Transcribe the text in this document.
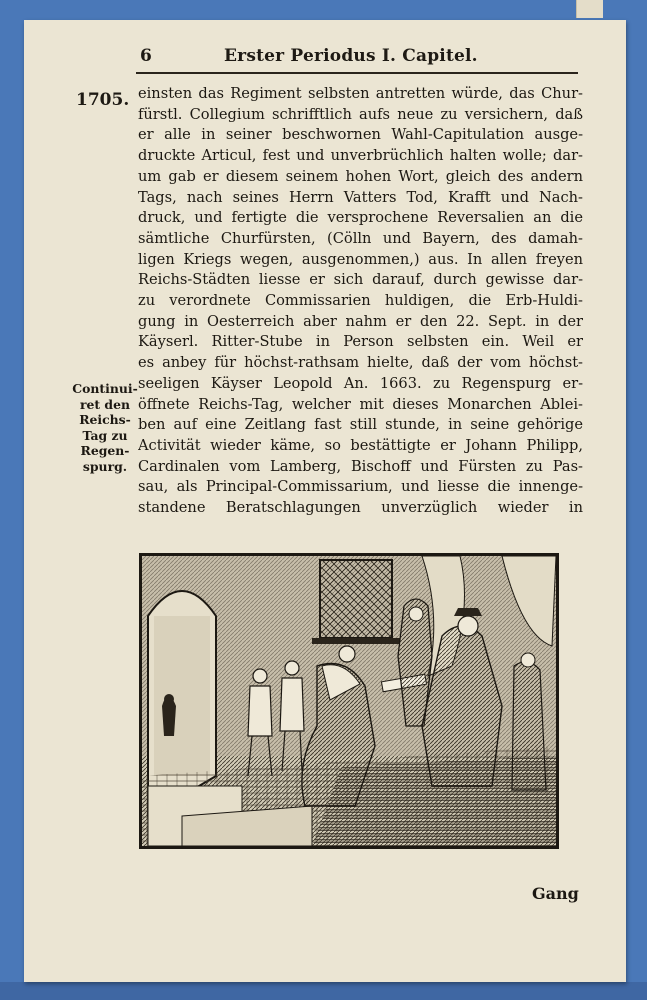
6	Erster Periodus I. Capitel.
1705.
Continui-
ret den
Reichs-
Tag zu
Regen-
spurg.
einsten das Regiment selbsten antretten würde, das Chur-
fürstl. Collegium schrifftlich aufs neue zu versichern, daß
er alle in seiner beschwornen Wahl-Capitulation ausge-
druckte Articul, fest und unverbrüchlich halten wolle; dar-
um gab er diesem seinem hohen Wort, gleich des andern
Tags, nach seines Herrn Vatters Tod, Krafft und Nach-
druck, und fertigte die versprochene Reversalien an die
sämtliche Churfürsten, (Cölln und Bayern, des damah-
ligen Kriegs wegen, ausgenommen,) aus. In allen freyen
Reichs-Städten liesse er sich darauf, durch gewisse dar-
zu verordnete Commissarien huldigen, die Erb-Huldi-
gung in Oesterreich aber nahm er den 22. Sept. in der
Käyserl. Ritter-Stube in Person selbsten ein. Weil er
es anbey für höchst-rathsam hielte, daß der vom höchst-
seeligen Käyser Leopold An. 1663. zu Regenspurg er-
öffnete Reichs-Tag, welcher mit dieses Monarchen Ablei-
ben auf eine Zeitlang fast still stunde, in seine gehörige
Activität wieder käme, so bestättigte er Johann Philipp,
Cardinalen vom Lamberg, Bischoff und Fürsten zu Pas-
sau, als Principal-Commissarium, und liesse die innenge-
standene Beratschlagungen unverzüglich wieder in
Gang
